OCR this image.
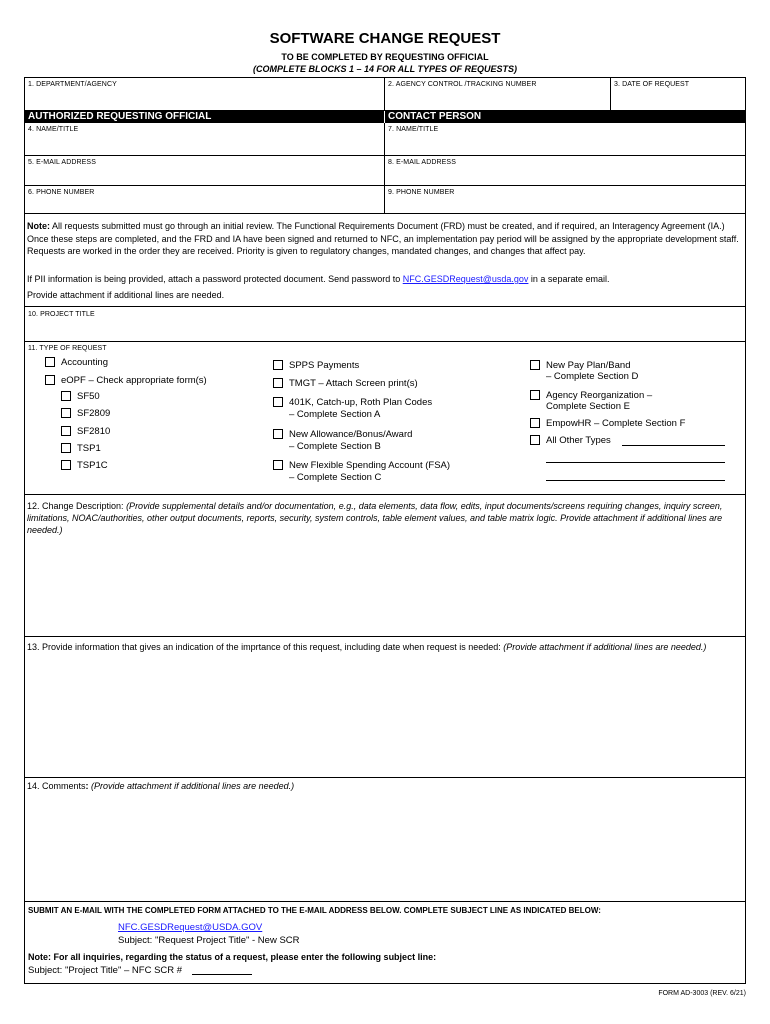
SOFTWARE CHANGE REQUEST
TO BE COMPLETED BY REQUESTING OFFICIAL
(COMPLETE BLOCKS 1 – 14 FOR ALL TYPES OF REQUESTS)
1. DEPARTMENT/AGENCY	2. AGENCY CONTROL /TRACKING NUMBER	3. DATE OF REQUEST
AUTHORIZED REQUESTING OFFICIAL	CONTACT PERSON
4. NAME/TITLE	7. NAME/TITLE
5. E-MAIL ADDRESS	8. E-MAIL ADDRESS
6. PHONE NUMBER	9. PHONE NUMBER
Note: All requests submitted must go through an initial review. The Functional Requirements Document (FRD) must be created, and if required, an Interagency Agreement (IA.) Once these steps are completed, and the FRD and IA have been signed and returned to NFC, an implementation pay period will be assigned by the appropriate development staff. Requests are worked in the order they are received. Priority is given to regulatory changes, mandated changes, and changes that affect pay.
If PII information is being provided, attach a password protected document. Send password to NFC.GESDRequest@usda.gov in a separate email.
Provide attachment if additional lines are needed.
10. PROJECT TITLE
11. TYPE OF REQUEST
Accounting
eOPF – Check appropriate form(s)
SF50
SF2809
SF2810
TSP1
TSP1C
SPPS Payments
TMGT – Attach Screen print(s)
401K, Catch-up, Roth Plan Codes
– Complete Section A
New Allowance/Bonus/Award
– Complete Section B
New Flexible Spending Account (FSA)
– Complete Section C
New Pay Plan/Band
– Complete Section D
Agency Reorganization –
Complete Section E
EmpowHR – Complete Section F
All Other Types
12. Change Description: (Provide supplemental details and/or documentation, e.g., data elements, data flow, edits, input documents/screens requiring changes, inquiry screen, limitations, NOAC/authorities, other output documents, reports, security, system controls, table element values, and table matrix logic. Provide attachment if additional lines are needed.)
13. Provide information that gives an indication of the imprtance of this request, including date when request is needed: (Provide attachment if additional lines are needed.)
14. Comments: (Provide attachment if additional lines are needed.)
SUBMIT AN E-MAIL WITH THE COMPLETED FORM ATTACHED TO THE E-MAIL ADDRESS BELOW. COMPLETE SUBJECT LINE AS INDICATED BELOW:
NFC.GESDRequest@USDA.GOV
Subject: "Request Project Title" - New SCR
Note: For all inquiries, regarding the status of a request, please enter the following subject line:
Subject: "Project Title" – NFC SCR #
FORM AD-3003 (REV. 6/21)
